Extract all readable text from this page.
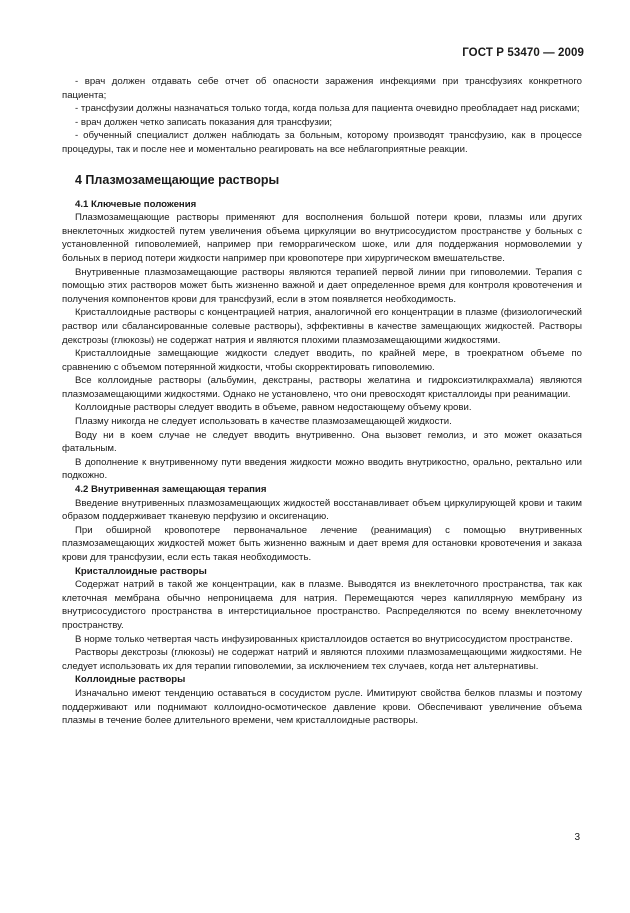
ГОСТ Р 53470 — 2009

- врач должен отдавать себе отчет об опасности заражения инфекциями при трансфузиях конкретного пациента;

- трансфузии должны назначаться только тогда, когда польза для пациента очевидно преобладает над рисками;

- врач должен четко записать показания для трансфузии;

- обученный специалист должен наблюдать за больным, которому производят трансфузию, как в процессе процедуры, так и после нее и моментально реагировать на все неблагоприятные реакции.

4 Плазмозамещающие растворы
4.1 Ключевые положения

Плазмозамещающие растворы применяют для восполнения большой потери крови, плазмы или других внеклеточных жидкостей путем увеличения объема циркуляции во внутрисосудистом пространстве у больных с установленной гиповолемией, например при геморрагическом шоке, или для поддержания нормоволемии у больных в период потери жидкости например при кровопотере при хирургическом вмешательстве.

Внутривенные плазмозамещающие растворы являются терапией первой линии при гиповолемии. Терапия с помощью этих растворов может быть жизненно важной и дает определенное время для контроля кровотечения и получения компонентов крови для трансфузий, если в этом появляется необходимость.

Кристаллоидные растворы с концентрацией натрия, аналогичной его концентрации в плазме (физиологический раствор или сбалансированные солевые растворы), эффективны в качестве замещающих жидкостей. Растворы декстрозы (глюкозы) не содержат натрия и являются плохими плазмозамещающими жидкостями.

Кристаллоидные замещающие жидкости следует вводить, по крайней мере, в троекратном объеме по сравнению с объемом потерянной жидкости, чтобы скорректировать гиповолемию.

Все коллоидные растворы (альбумин, декстраны, растворы желатина и гидроксиэтилкрахмала) являются плазмозамещающими жидкостями. Однако не установлено, что они превосходят кристаллоиды при реанимации.

Коллоидные растворы следует вводить в объеме, равном недостающему объему крови.

Плазму никогда не следует использовать в качестве плазмозамещающей жидкости.

Воду ни в коем случае не следует вводить внутривенно. Она вызовет гемолиз, и это может оказаться фатальным.

В дополнение к внутривенному пути введения жидкости можно вводить внутрикостно, орально, ректально или подкожно.

4.2 Внутривенная замещающая терапия

Введение внутривенных плазмозамещающих жидкостей восстанавливает объем циркулирующей крови и таким образом поддерживает тканевую перфузию и оксигенацию.

При обширной кровопотере первоначальное лечение (реанимация) с помощью внутривенных плазмозамещающих жидкостей может быть жизненно важным и дает время для остановки кровотечения и заказа крови для трансфузии, если есть такая необходимость.

Кристаллоидные растворы

Содержат натрий в такой же концентрации, как в плазме. Выводятся из внеклеточного пространства, так как клеточная мембрана обычно непроницаема для натрия. Перемещаются через капиллярную мембрану из внутрисосудистого пространства в интерстициальное пространство. Распределяются по всему внеклеточному пространству.

В норме только четвертая часть инфузированных кристаллоидов остается во внутрисосудистом пространстве.

Растворы декстрозы (глюкозы) не содержат натрий и являются плохими плазмозамещающими жидкостями. Не следует использовать их для терапии гиповолемии, за исключением тех случаев, когда нет альтернативы.

Коллоидные растворы

Изначально имеют тенденцию оставаться в сосудистом русле. Имитируют свойства белков плазмы и поэтому поддерживают или поднимают коллоидно-осмотическое давление крови. Обеспечивают увеличение объема плазмы в течение более длительного времени, чем кристаллоидные растворы.

3
